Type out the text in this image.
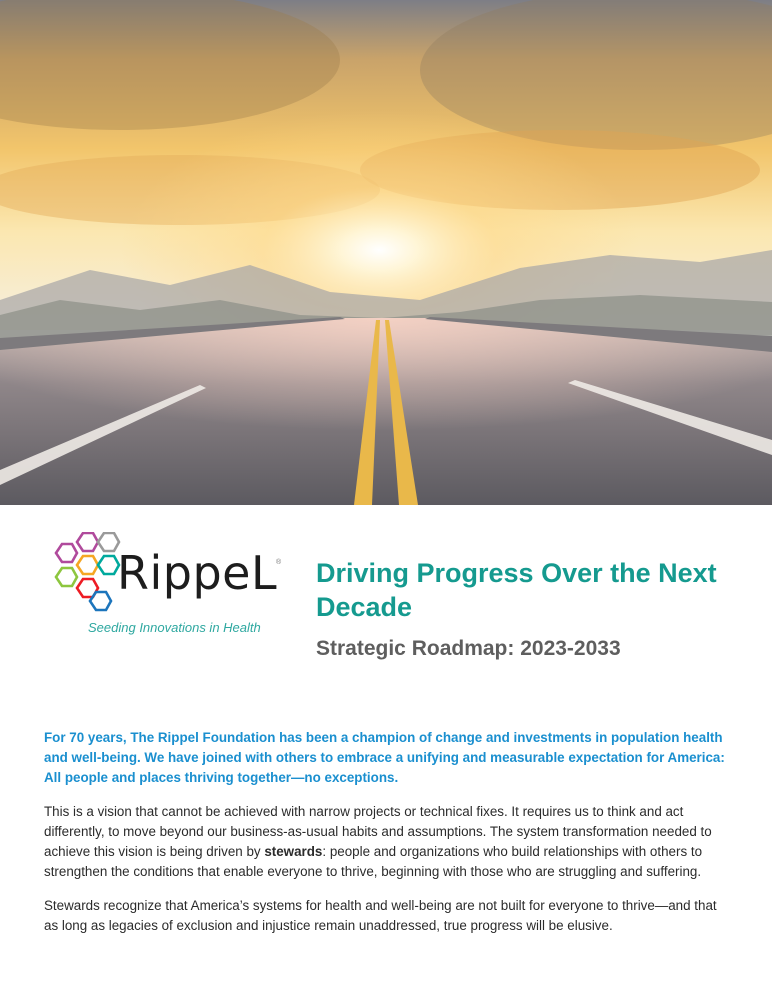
RippeL
®
Seeding Innovations in Health
Driving Progress Over the Next Decade
Strategic Roadmap: 2023-2033

For 70 years, The Rippel Foundation has been a champion of change and investments in population health and well-being. We have joined with others to embrace a unifying and measurable expectation for America: All people and places thriving together—no exceptions.

This is a vision that cannot be achieved with narrow projects or technical fixes. It requires us to think and act differently, to move beyond our business-as-usual habits and assumptions. The system transformation needed to achieve this vision is being driven by stewards: people and organizations who build relationships with others to strengthen the conditions that enable everyone to thrive, beginning with those who are struggling and suffering.

Stewards recognize that America’s systems for health and well-being are not built for everyone to thrive—and that as long as legacies of exclusion and injustice remain unaddressed, true progress will be elusive.
